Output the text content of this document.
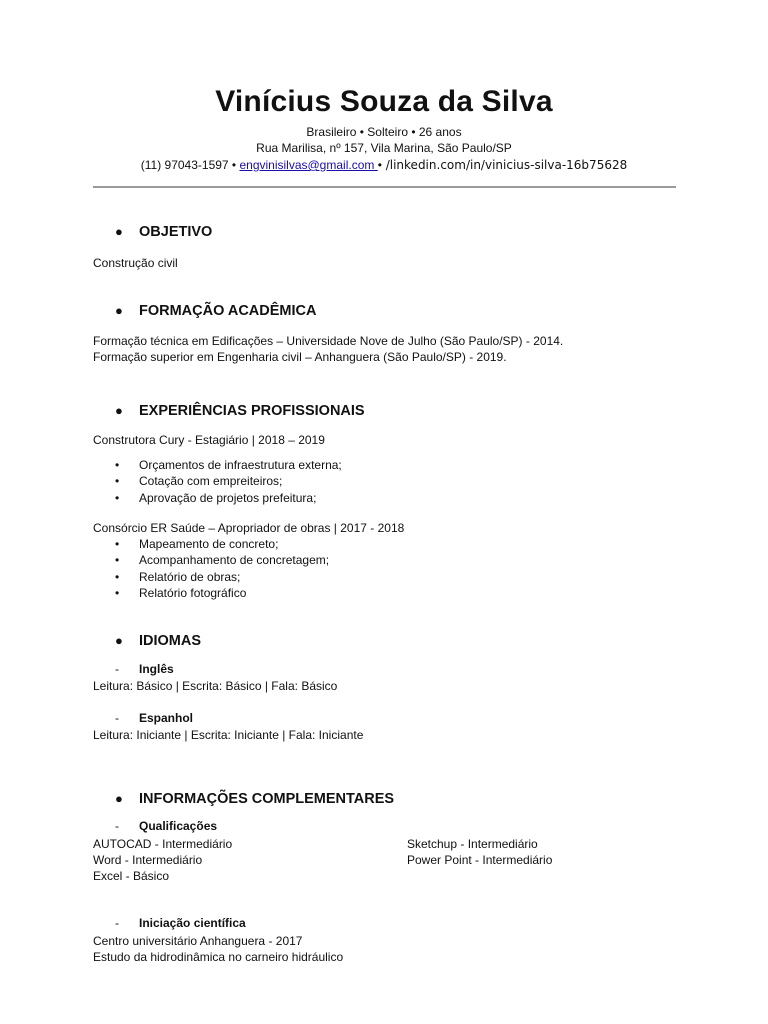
Vinícius Souza da Silva
Brasileiro • Solteiro • 26 anos
Rua Marilisa, nº 157, Vila Marina, São Paulo/SP
(11) 97043-1597 • engvinisilvas@gmail.com • /linkedin.com/in/vinicius-silva-16b75628
● OBJETIVO
Construção civil
● FORMAÇÃO ACADÊMICA
Formação técnica em Edificações – Universidade Nove de Julho (São Paulo/SP) - 2014.
Formação superior em Engenharia civil – Anhanguera (São Paulo/SP) - 2019.
● EXPERIÊNCIAS PROFISSIONAIS
Construtora Cury - Estagiário | 2018 – 2019
• Orçamentos de infraestrutura externa;
• Cotação com empreiteiros;
• Aprovação de projetos prefeitura;
Consórcio ER Saúde – Apropriador de obras | 2017 - 2018
• Mapeamento de concreto;
• Acompanhamento de concretagem;
• Relatório de obras;
• Relatório fotográfico
● IDIOMAS
- Inglês
Leitura: Básico | Escrita: Básico | Fala: Básico
- Espanhol
Leitura: Iniciante | Escrita: Iniciante | Fala: Iniciante
● INFORMAÇÕES COMPLEMENTARES
- Qualificações
AUTOCAD - Intermediário
Word - Intermediário
Excel - Básico
Sketchup - Intermediário
Power Point - Intermediário
- Iniciação científica
Centro universitário Anhanguera - 2017
Estudo da hidrodinâmica no carneiro hidráulico
